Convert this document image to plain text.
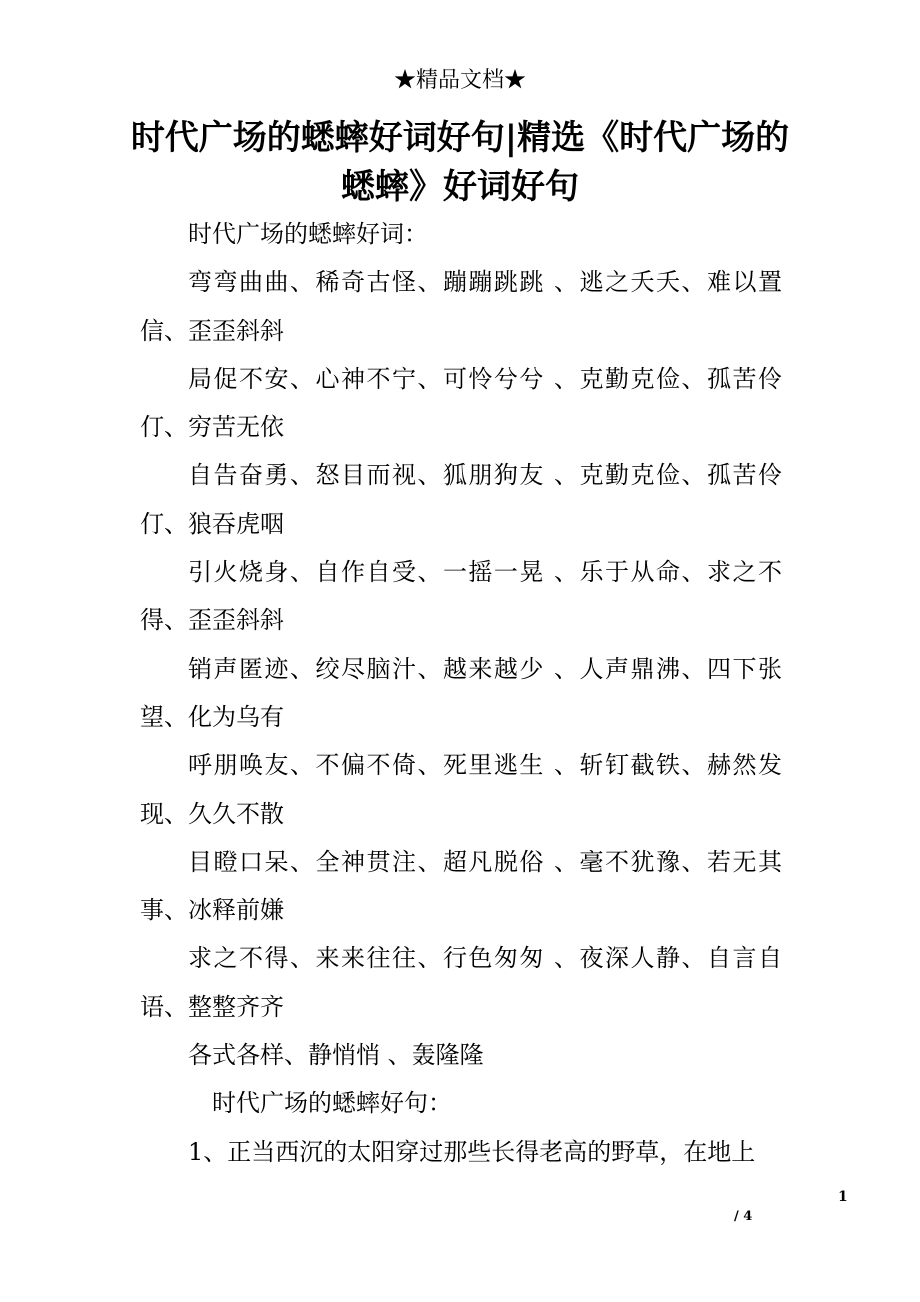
★精品文档★
时代广场的蟋蟀好词好句|精选《时代广场的蟋蟀》好词好句

时代广场的蟋蟀好词：

弯弯曲曲、稀奇古怪、蹦蹦跳跳 、逃之夭夭、难以置信、歪歪斜斜

局促不安、心神不宁、可怜兮兮 、克勤克俭、孤苦伶仃、穷苦无依

自告奋勇、怒目而视、狐朋狗友 、克勤克俭、孤苦伶仃、狼吞虎咽

引火烧身、自作自受、一摇一晃 、乐于从命、求之不得、歪歪斜斜

销声匿迹、绞尽脑汁、越来越少 、人声鼎沸、四下张望、化为乌有

呼朋唤友、不偏不倚、死里逃生 、斩钉截铁、赫然发现、久久不散

目瞪口呆、全神贯注、超凡脱俗 、毫不犹豫、若无其事、冰释前嫌

求之不得、来来往往、行色匆匆 、夜深人静、自言自语、整整齐齐

各式各样、静悄悄 、轰隆隆

时代广场的蟋蟀好句：

1、正当西沉的太阳穿过那些长得老高的野草，在地上

1
/ 4
